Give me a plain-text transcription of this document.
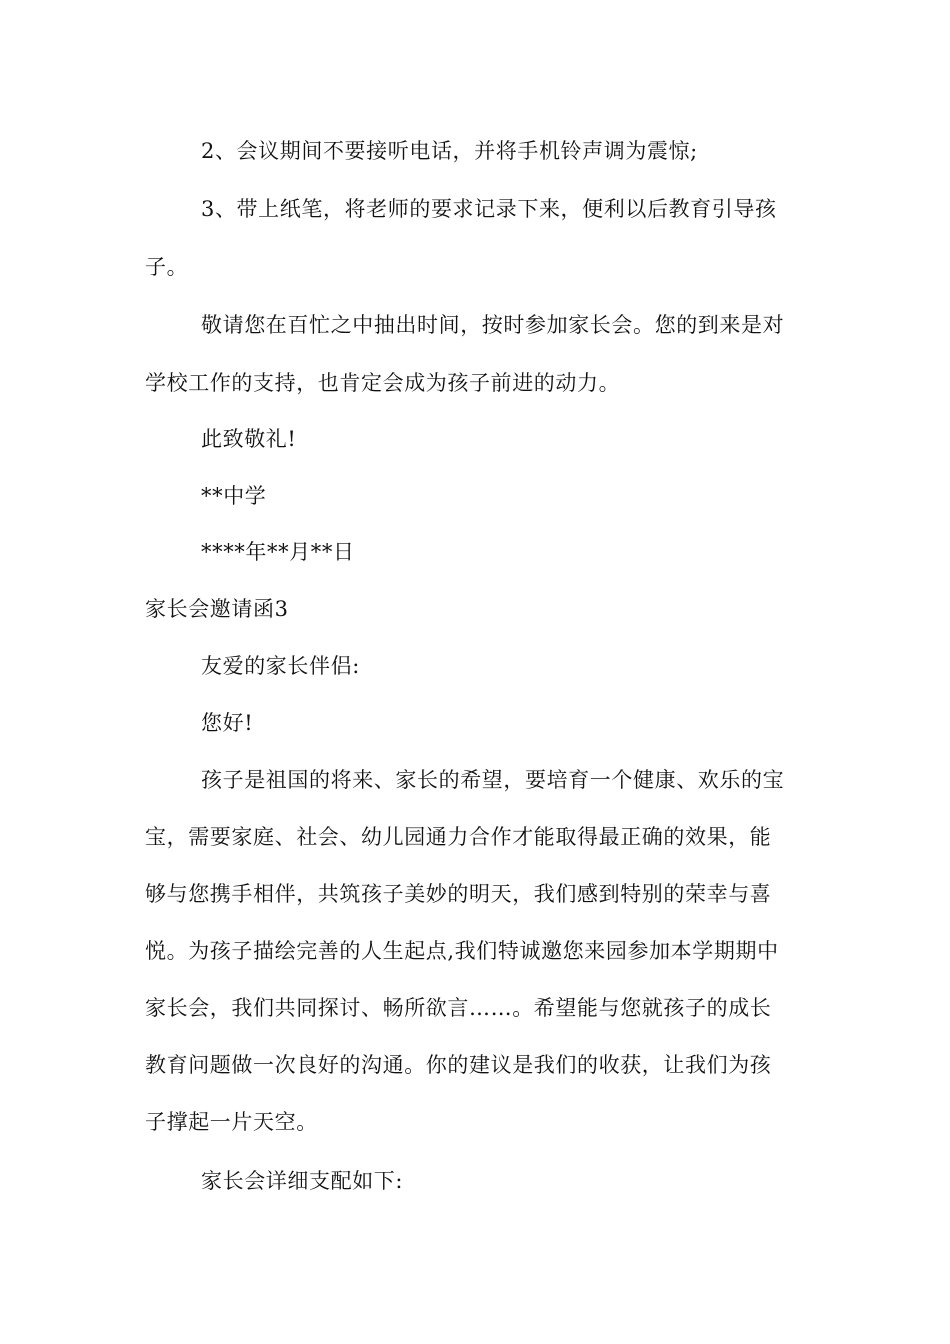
2、会议期间不要接听电话，并将手机铃声调为震惊;
3、带上纸笔，将老师的要求记录下来，便利以后教育引导孩
子。
敬请您在百忙之中抽出时间，按时参加家长会。您的到来是对
学校工作的支持，也肯定会成为孩子前进的动力。
此致敬礼!
**中学
****年**月**日
家长会邀请函3
友爱的家长伴侣:
您好!
孩子是祖国的将来、家长的希望，要培育一个健康、欢乐的宝
宝，需要家庭、社会、幼儿园通力合作才能取得最正确的效果，能
够与您携手相伴，共筑孩子美妙的明天，我们感到特别的荣幸与喜
悦。为孩子描绘完善的人生起点,我们特诚邀您来园参加本学期期中
家长会，我们共同探讨、畅所欲言……。希望能与您就孩子的成长
教育问题做一次良好的沟通。你的建议是我们的收获，让我们为孩
子撑起一片天空。
家长会详细支配如下:
